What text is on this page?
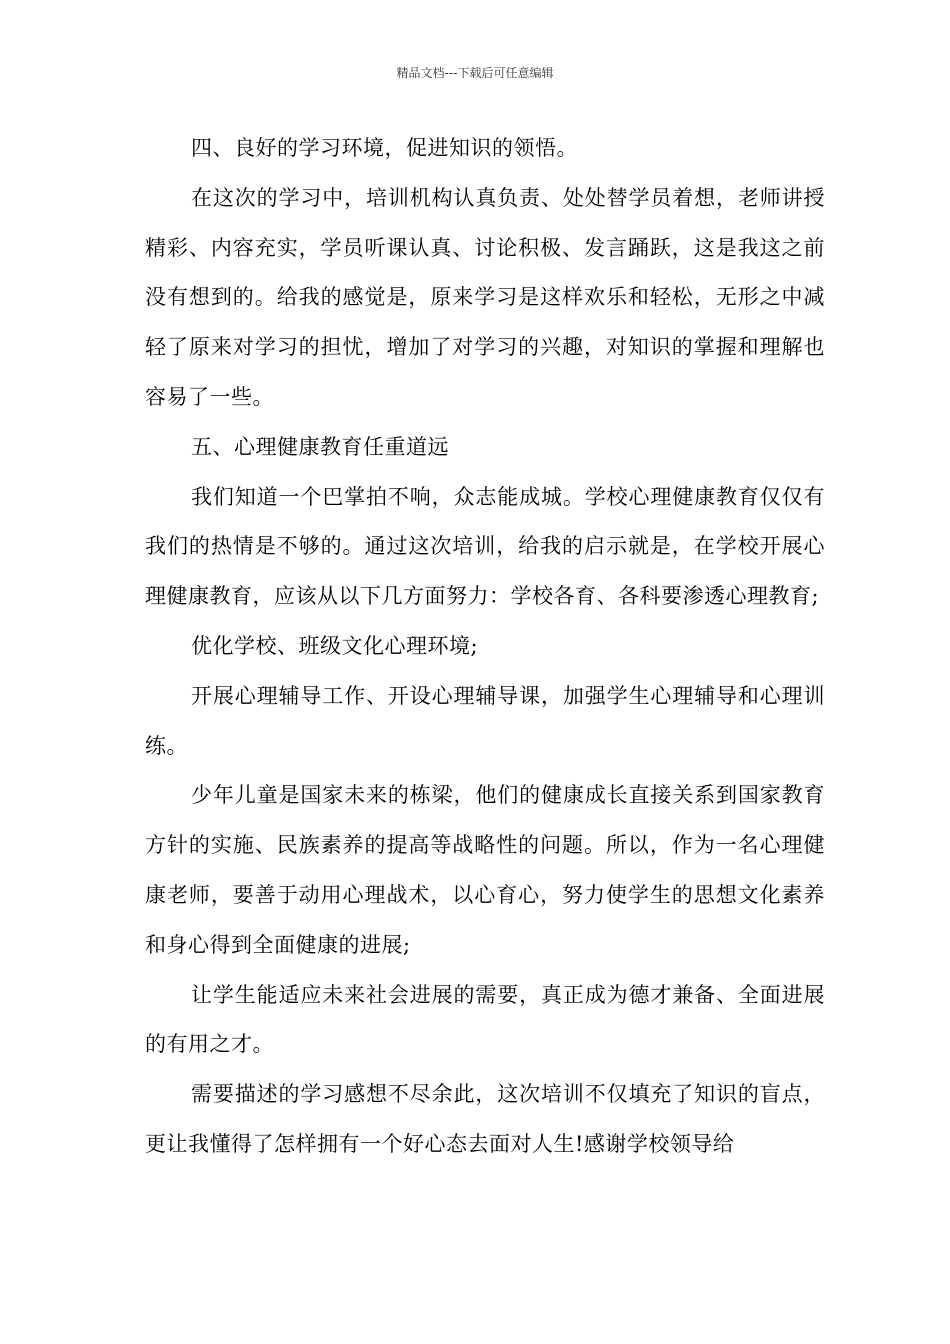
精品文档---下载后可任意编辑

四、良好的学习环境，促进知识的领悟。

在这次的学习中，培训机构认真负责、处处替学员着想，老师讲授精彩、内容充实，学员听课认真、讨论积极、发言踊跃，这是我这之前没有想到的。给我的感觉是，原来学习是这样欢乐和轻松，无形之中减轻了原来对学习的担忧，增加了对学习的兴趣，对知识的掌握和理解也容易了一些。

五、心理健康教育任重道远

我们知道一个巴掌拍不响，众志能成城。学校心理健康教育仅仅有我们的热情是不够的。通过这次培训，给我的启示就是，在学校开展心理健康教育，应该从以下几方面努力：学校各育、各科要渗透心理教育;

优化学校、班级文化心理环境;

开展心理辅导工作、开设心理辅导课，加强学生心理辅导和心理训练。

少年儿童是国家未来的栋梁，他们的健康成长直接关系到国家教育方针的实施、民族素养的提高等战略性的问题。所以，作为一名心理健康老师，要善于动用心理战术，以心育心，努力使学生的思想文化素养和身心得到全面健康的进展;

让学生能适应未来社会进展的需要，真正成为德才兼备、全面进展的有用之才。

需要描述的学习感想不尽余此，这次培训不仅填充了知识的盲点，更让我懂得了怎样拥有一个好心态去面对人生!感谢学校领导给
